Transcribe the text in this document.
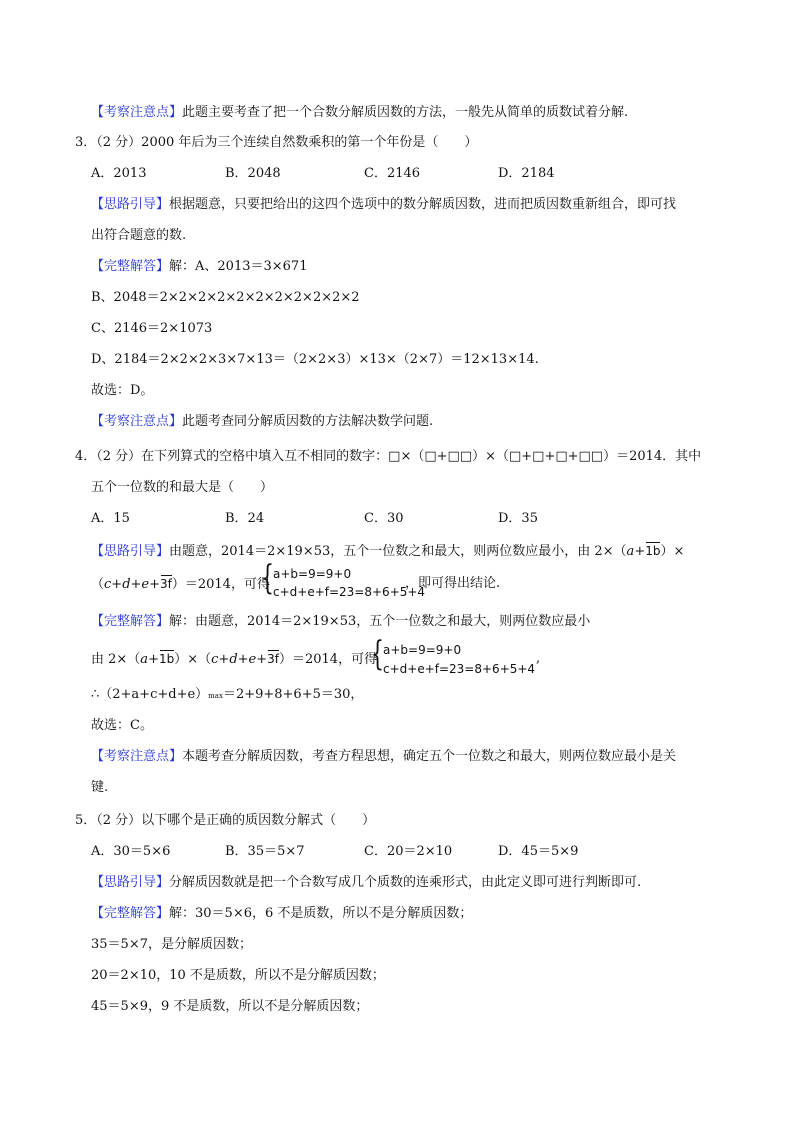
【考察注意点】此题主要考查了把一个合数分解质因数的方法，一般先从简单的质数试着分解.
3．（2 分）2000 年后为三个连续自然数乘积的第一个年份是（　　）
A．2013	B．2048	C．2146	D．2184
【思路引导】根据题意，只要把给出的这四个选项中的数分解质因数，进而把质因数重新组合，即可找
出符合题意的数.
【完整解答】解：A、2013＝3×671
B、2048＝2×2×2×2×2×2×2×2×2×2×2
C、2146＝2×1073
D、2184＝2×2×2×3×7×13＝（2×2×3）×13×（2×7）＝12×13×14.
故选：D。
【考察注意点】此题考查同分解质因数的方法解决数学问题.
4．（2 分）在下列算式的空格中填入互不相同的数字：□×（□+□□）×（□+□+□+□□）＝2014．其中
五个一位数的和最大是（　　）
A．15	B．24	C．30	D．35
【思路引导】由题意，2014＝2×19×53，五个一位数之和最大，则两位数应最小，由 2×（a+1b）×
（c+d+e+3f）＝2014，可得
{ a+b=9=9+0
c+d+e+f=23=8+6+5+4
，即可得出结论.
【完整解答】解：由题意，2014＝2×19×53，五个一位数之和最大，则两位数应最小
由 2×（a+1b）×（c+d+e+3f）＝2014，可得
{ a+b=9=9+0
c+d+e+f=23=8+6+5+4
,
∴（2+a+c+d+e）max＝2+9+8+6+5＝30，
故选：C。
【考察注意点】本题考查分解质因数，考查方程思想，确定五个一位数之和最大，则两位数应最小是关
键.
5．（2 分）以下哪个是正确的质因数分解式（　　）
A．30＝5×6	B．35＝5×7	C．20＝2×10	D．45＝5×9
【思路引导】分解质因数就是把一个合数写成几个质数的连乘形式，由此定义即可进行判断即可.
【完整解答】解：30＝5×6，6 不是质数，所以不是分解质因数；
35＝5×7，是分解质因数；
20＝2×10，10 不是质数，所以不是分解质因数；
45＝5×9，9 不是质数，所以不是分解质因数；
